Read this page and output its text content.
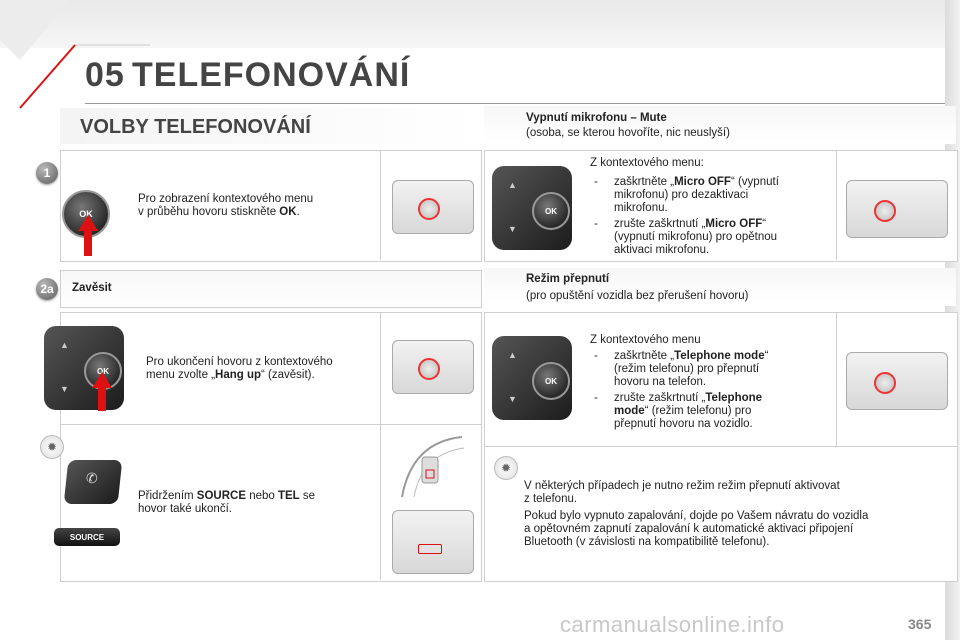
05 TELEFONOVÁNÍ
VOLBY TELEFONOVÁNÍ
1
OK
Pro zobrazení kontextového menu
v průběhu hovoru stiskněte OK.
2a	Zavěsit
▲
▼
OK
Pro ukončení hovoru z kontextového
menu zvolte „Hang up“ (zavěsit).
✹
✆
SOURCE
Přidržením SOURCE nebo TEL se
hovor také ukončí.
Vypnutí mikrofonu – Mute
(osoba, se kterou hovoříte, nic neuslyší)
▲
▼
OK
Z kontextového menu:
- zaškrtněte „Micro OFF“ (vypnutí
mikrofonu) pro dezaktivaci
mikrofonu.
- zrušte zaškrtnutí „Micro OFF“
(vypnutí mikrofonu) pro opětnou
aktivaci mikrofonu.
Režim přepnutí
(pro opuštění vozidla bez přerušení hovoru)
▲
▼
OK
Z kontextového menu
- zaškrtněte „Telephone mode“
(režim telefonu) pro přepnutí
hovoru na telefon.
- zrušte zaškrtnutí „Telephone
mode“ (režim telefonu) pro
přepnutí hovoru na vozidlo.
✹
V některých případech je nutno režim režim přepnutí aktivovat
z telefonu.
Pokud bylo vypnuto zapalování, dojde po Vašem návratu do vozidla
a opětovném zapnutí zapalování k automatické aktivaci připojení
Bluetooth (v závislosti na kompatibilitě telefonu).
carmanualsonline.info	365
